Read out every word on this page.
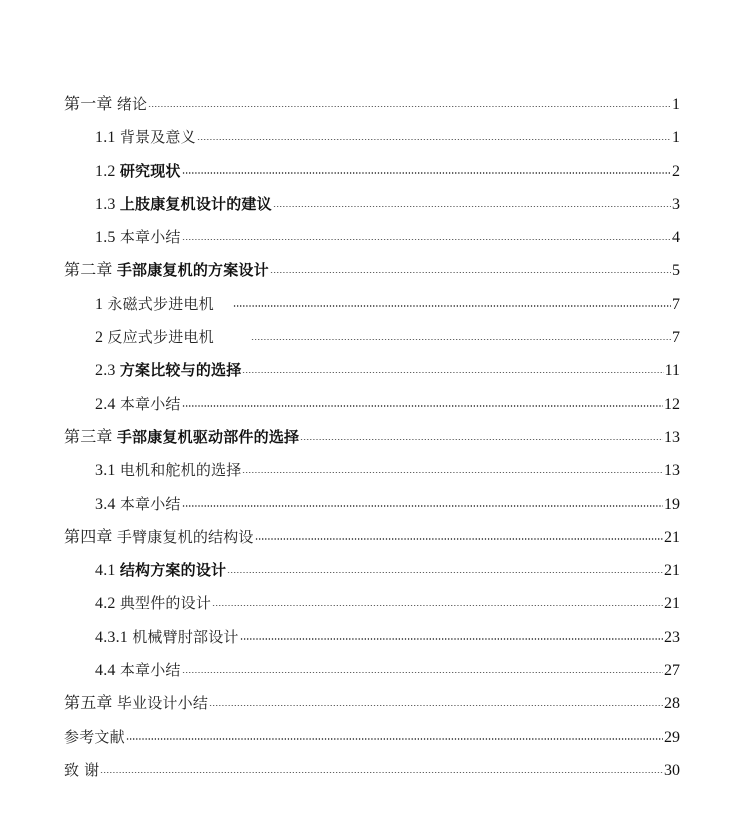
第一章 绪论	1
1.1 背景及意义	1
1.2 研究现状	2
1.3 上肢康复机设计的建议	3
1.5 本章小结	4
第二章 手部康复机的方案设计	5
1 永磁式步进电机	7
2 反应式步进电机	7
2.3 方案比较与的选择	11
2.4 本章小结	12
第三章 手部康复机驱动部件的选择	13
3.1 电机和舵机的选择	13
3.4 本章小结	19
第四章 手臂康复机的结构设	21
4.1 结构方案的设计	21
4.2 典型件的设计	21
4.3.1 机械臂肘部设计	23
4.4 本章小结	27
第五章 毕业设计小结	28
参考文献	29
致 谢	30
